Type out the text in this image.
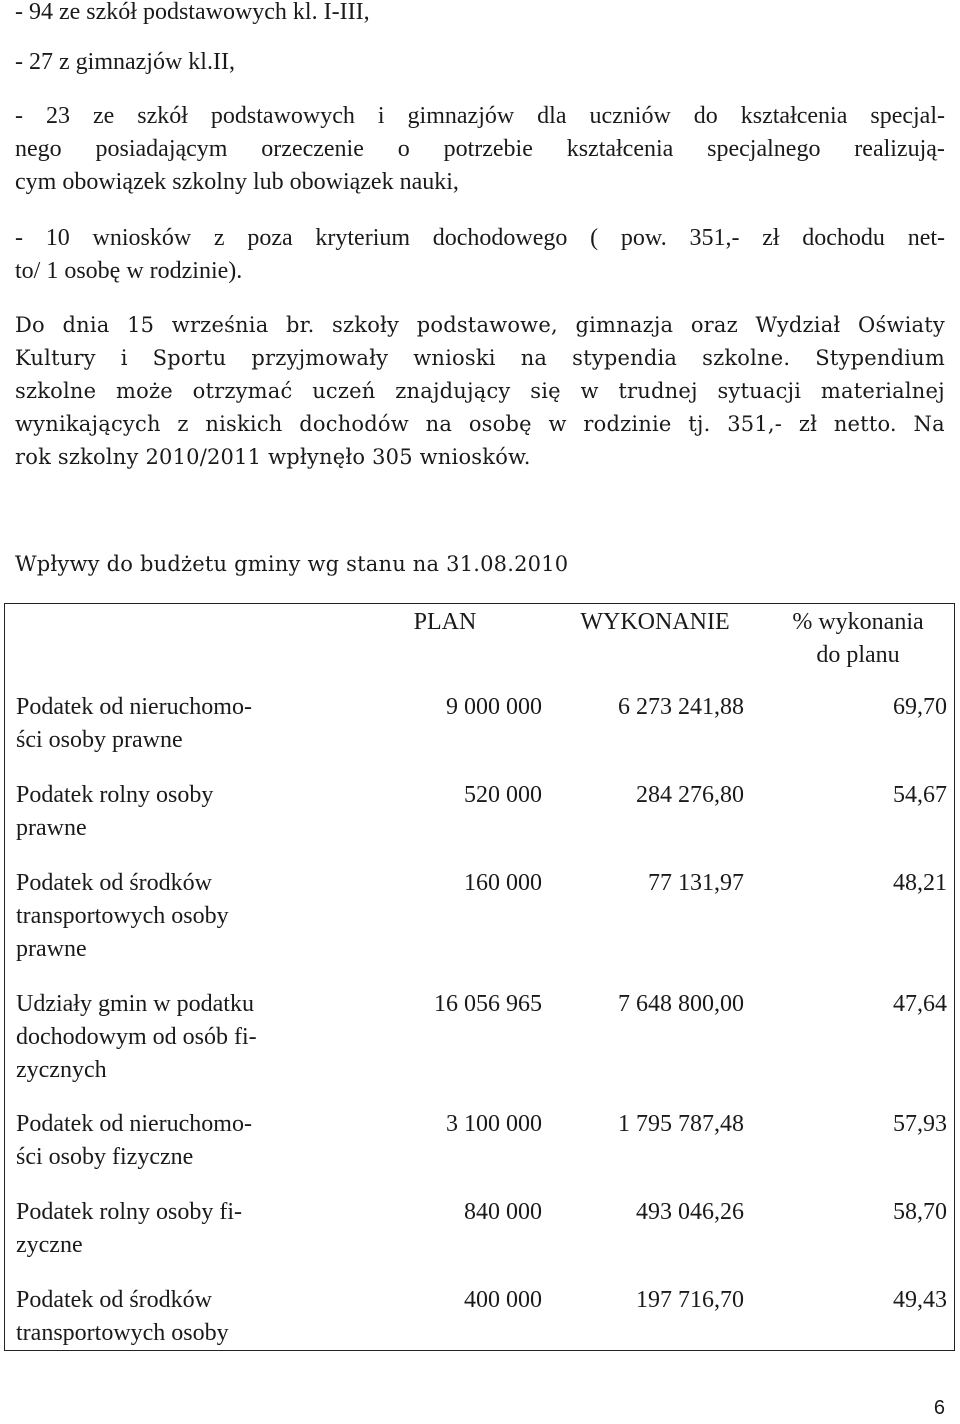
- 94 ze szkół podstawowych kl. I-III,
- 27 z gimnazjów kl.II,
- 23 ze szkół podstawowych i gimnazjów dla uczniów do kształcenia specjal-
nego posiadającym orzeczenie o potrzebie kształcenia specjalnego realizują-
cym obowiązek szkolny lub obowiązek nauki,
- 10 wniosków z poza kryterium dochodowego ( pow. 351,- zł dochodu net-
to/ 1 osobę w rodzinie).
Do dnia 15 września br. szkoły podstawowe, gimnazja oraz Wydział Oświaty
Kultury i Sportu przyjmowały wnioski na stypendia szkolne. Stypendium
szkolne może otrzymać uczeń znajdujący się w trudnej sytuacji materialnej
wynikających z niskich dochodów na osobę w rodzinie tj. 351,- zł netto. Na
rok szkolny 2010/2011 wpłynęło 305 wniosków.
Wpływy do budżetu gminy wg stanu na 31.08.2010
PLAN	WYKONANIE	% wykonania
do planu
Podatek od nieruchomo-
ści osoby prawne
9 000 000	6 273 241,88	69,70
Podatek rolny osoby
prawne
520 000	284 276,80	54,67
Podatek od środków
transportowych osoby
prawne
160 000	77 131,97	48,21
Udziały gmin w podatku
dochodowym od osób fi-
zycznych
16 056 965	7 648 800,00	47,64
Podatek od nieruchomo-
ści osoby fizyczne
3 100 000	1 795 787,48	57,93
Podatek rolny osoby fi-
zyczne
840 000	493 046,26	58,70
Podatek od środków
transportowych osoby
400 000	197 716,70	49,43
6
